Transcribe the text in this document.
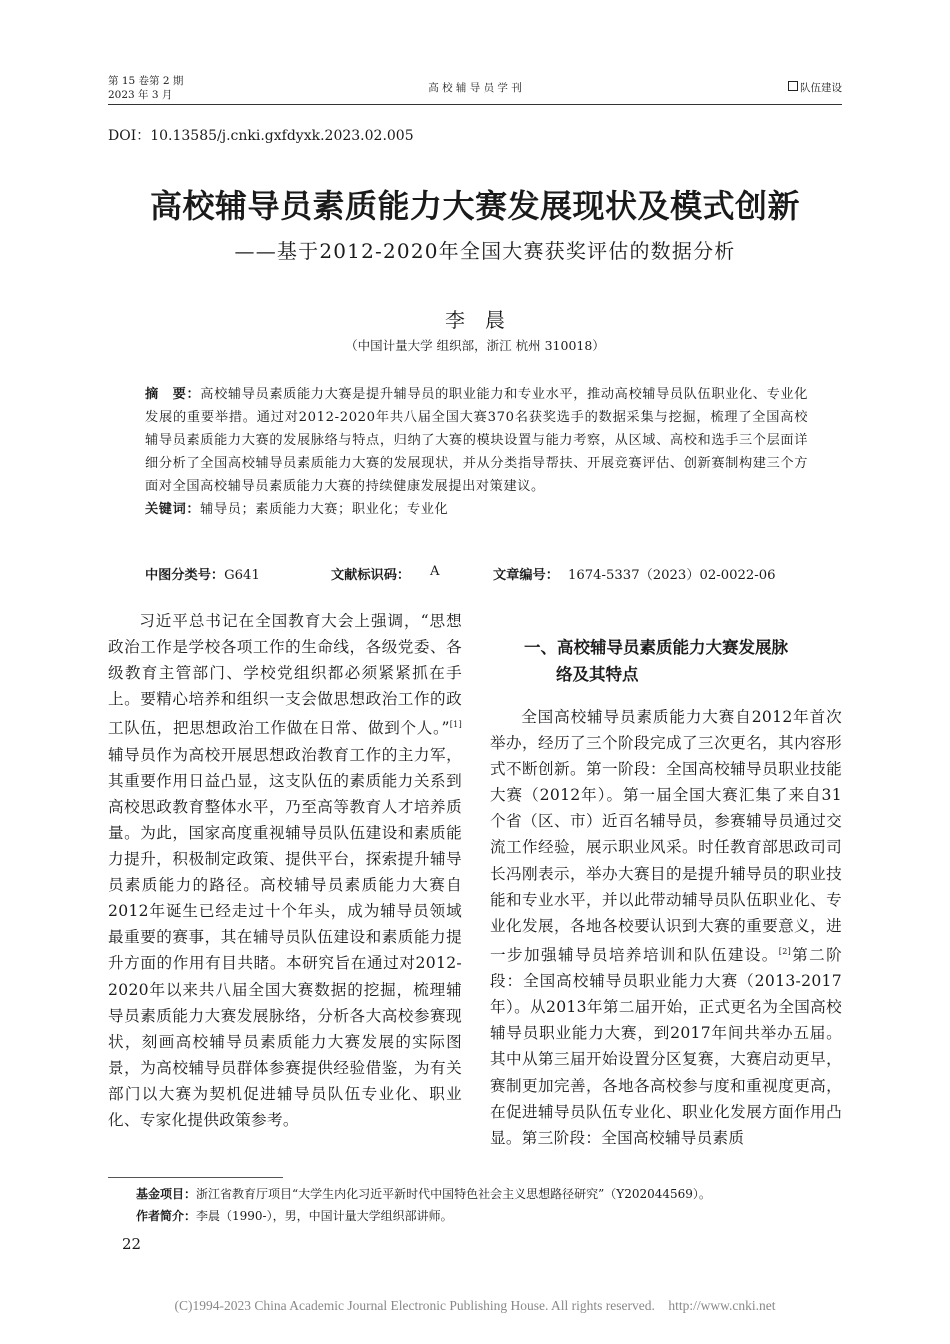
第 15 卷第 2 期
2023 年 3 月
高 校 辅 导 员 学 刊	队伍建设
DOI：10.13585/j.cnki.gxfdyxk.2023.02.005
高校辅导员素质能力大赛发展现状及模式创新
——基于2012-2020年全国大赛获奖评估的数据分析
李　晨
（中国计量大学 组织部，浙江 杭州 310018）

摘　要：高校辅导员素质能力大赛是提升辅导员的职业能力和专业水平，推动高校辅导员队伍职业化、专业化发展的重要举措。通过对2012-2020年共八届全国大赛370名获奖选手的数据采集与挖掘，梳理了全国高校辅导员素质能力大赛的发展脉络与特点，归纳了大赛的模块设置与能力考察，从区域、高校和选手三个层面详细分析了全国高校辅导员素质能力大赛的发展现状，并从分类指导帮扶、开展竞赛评估、创新赛制构建三个方面对全国高校辅导员素质能力大赛的持续健康发展提出对策建议。

关键词：辅导员；素质能力大赛；职业化；专业化

中图分类号：G641	文献标识码： A	文章编号： 1674-5337（2023）02-0022-06

习近平总书记在全国教育大会上强调，“思想政治工作是学校各项工作的生命线，各级党委、各级教育主管部门、学校党组织都必须紧紧抓在手上。要精心培养和组织一支会做思想政治工作的政工队伍，把思想政治工作做在日常、做到个人。”[1]辅导员作为高校开展思想政治教育工作的主力军，其重要作用日益凸显，这支队伍的素质能力关系到高校思政教育整体水平，乃至高等教育人才培养质量。为此，国家高度重视辅导员队伍建设和素质能力提升，积极制定政策、提供平台，探索提升辅导员素质能力的路径。高校辅导员素质能力大赛自2012年诞生已经走过十个年头，成为辅导员领域最重要的赛事，其在辅导员队伍建设和素质能力提升方面的作用有目共睹。本研究旨在通过对2012-2020年以来共八届全国大赛数据的挖掘，梳理辅导员素质能力大赛发展脉络，分析各大高校参赛现状，刻画高校辅导员素质能力大赛发展的实际图景，为高校辅导员群体参赛提供经验借鉴，为有关部门以大赛为契机促进辅导员队伍专业化、职业化、专家化提供政策参考。

一、高校辅导员素质能力大赛发展脉
络及其特点

全国高校辅导员素质能力大赛自2012年首次举办，经历了三个阶段完成了三次更名，其内容形式不断创新。第一阶段：全国高校辅导员职业技能大赛（2012年）。第一届全国大赛汇集了来自31个省（区、市）近百名辅导员，参赛辅导员通过交流工作经验，展示职业风采。时任教育部思政司司长冯刚表示，举办大赛目的是提升辅导员的职业技能和专业水平，并以此带动辅导员队伍职业化、专业化发展，各地各校要认识到大赛的重要意义，进一步加强辅导员培养培训和队伍建设。[2]第二阶段：全国高校辅导员职业能力大赛（2013-2017年）。从2013年第二届开始，正式更名为全国高校辅导员职业能力大赛，到2017年间共举办五届。其中从第三届开始设置分区复赛，大赛启动更早，赛制更加完善，各地各高校参与度和重视度更高，在促进辅导员队伍专业化、职业化发展方面作用凸显。第三阶段：全国高校辅导员素质

基金项目：浙江省教育厅项目“大学生内化习近平新时代中国特色社会主义思想路径研究”（Y202044569）。
作者简介：李晨（1990-），男，中国计量大学组织部讲师。
22
(C)1994-2023 China Academic Journal Electronic Publishing House. All rights reserved.    http://www.cnki.net
